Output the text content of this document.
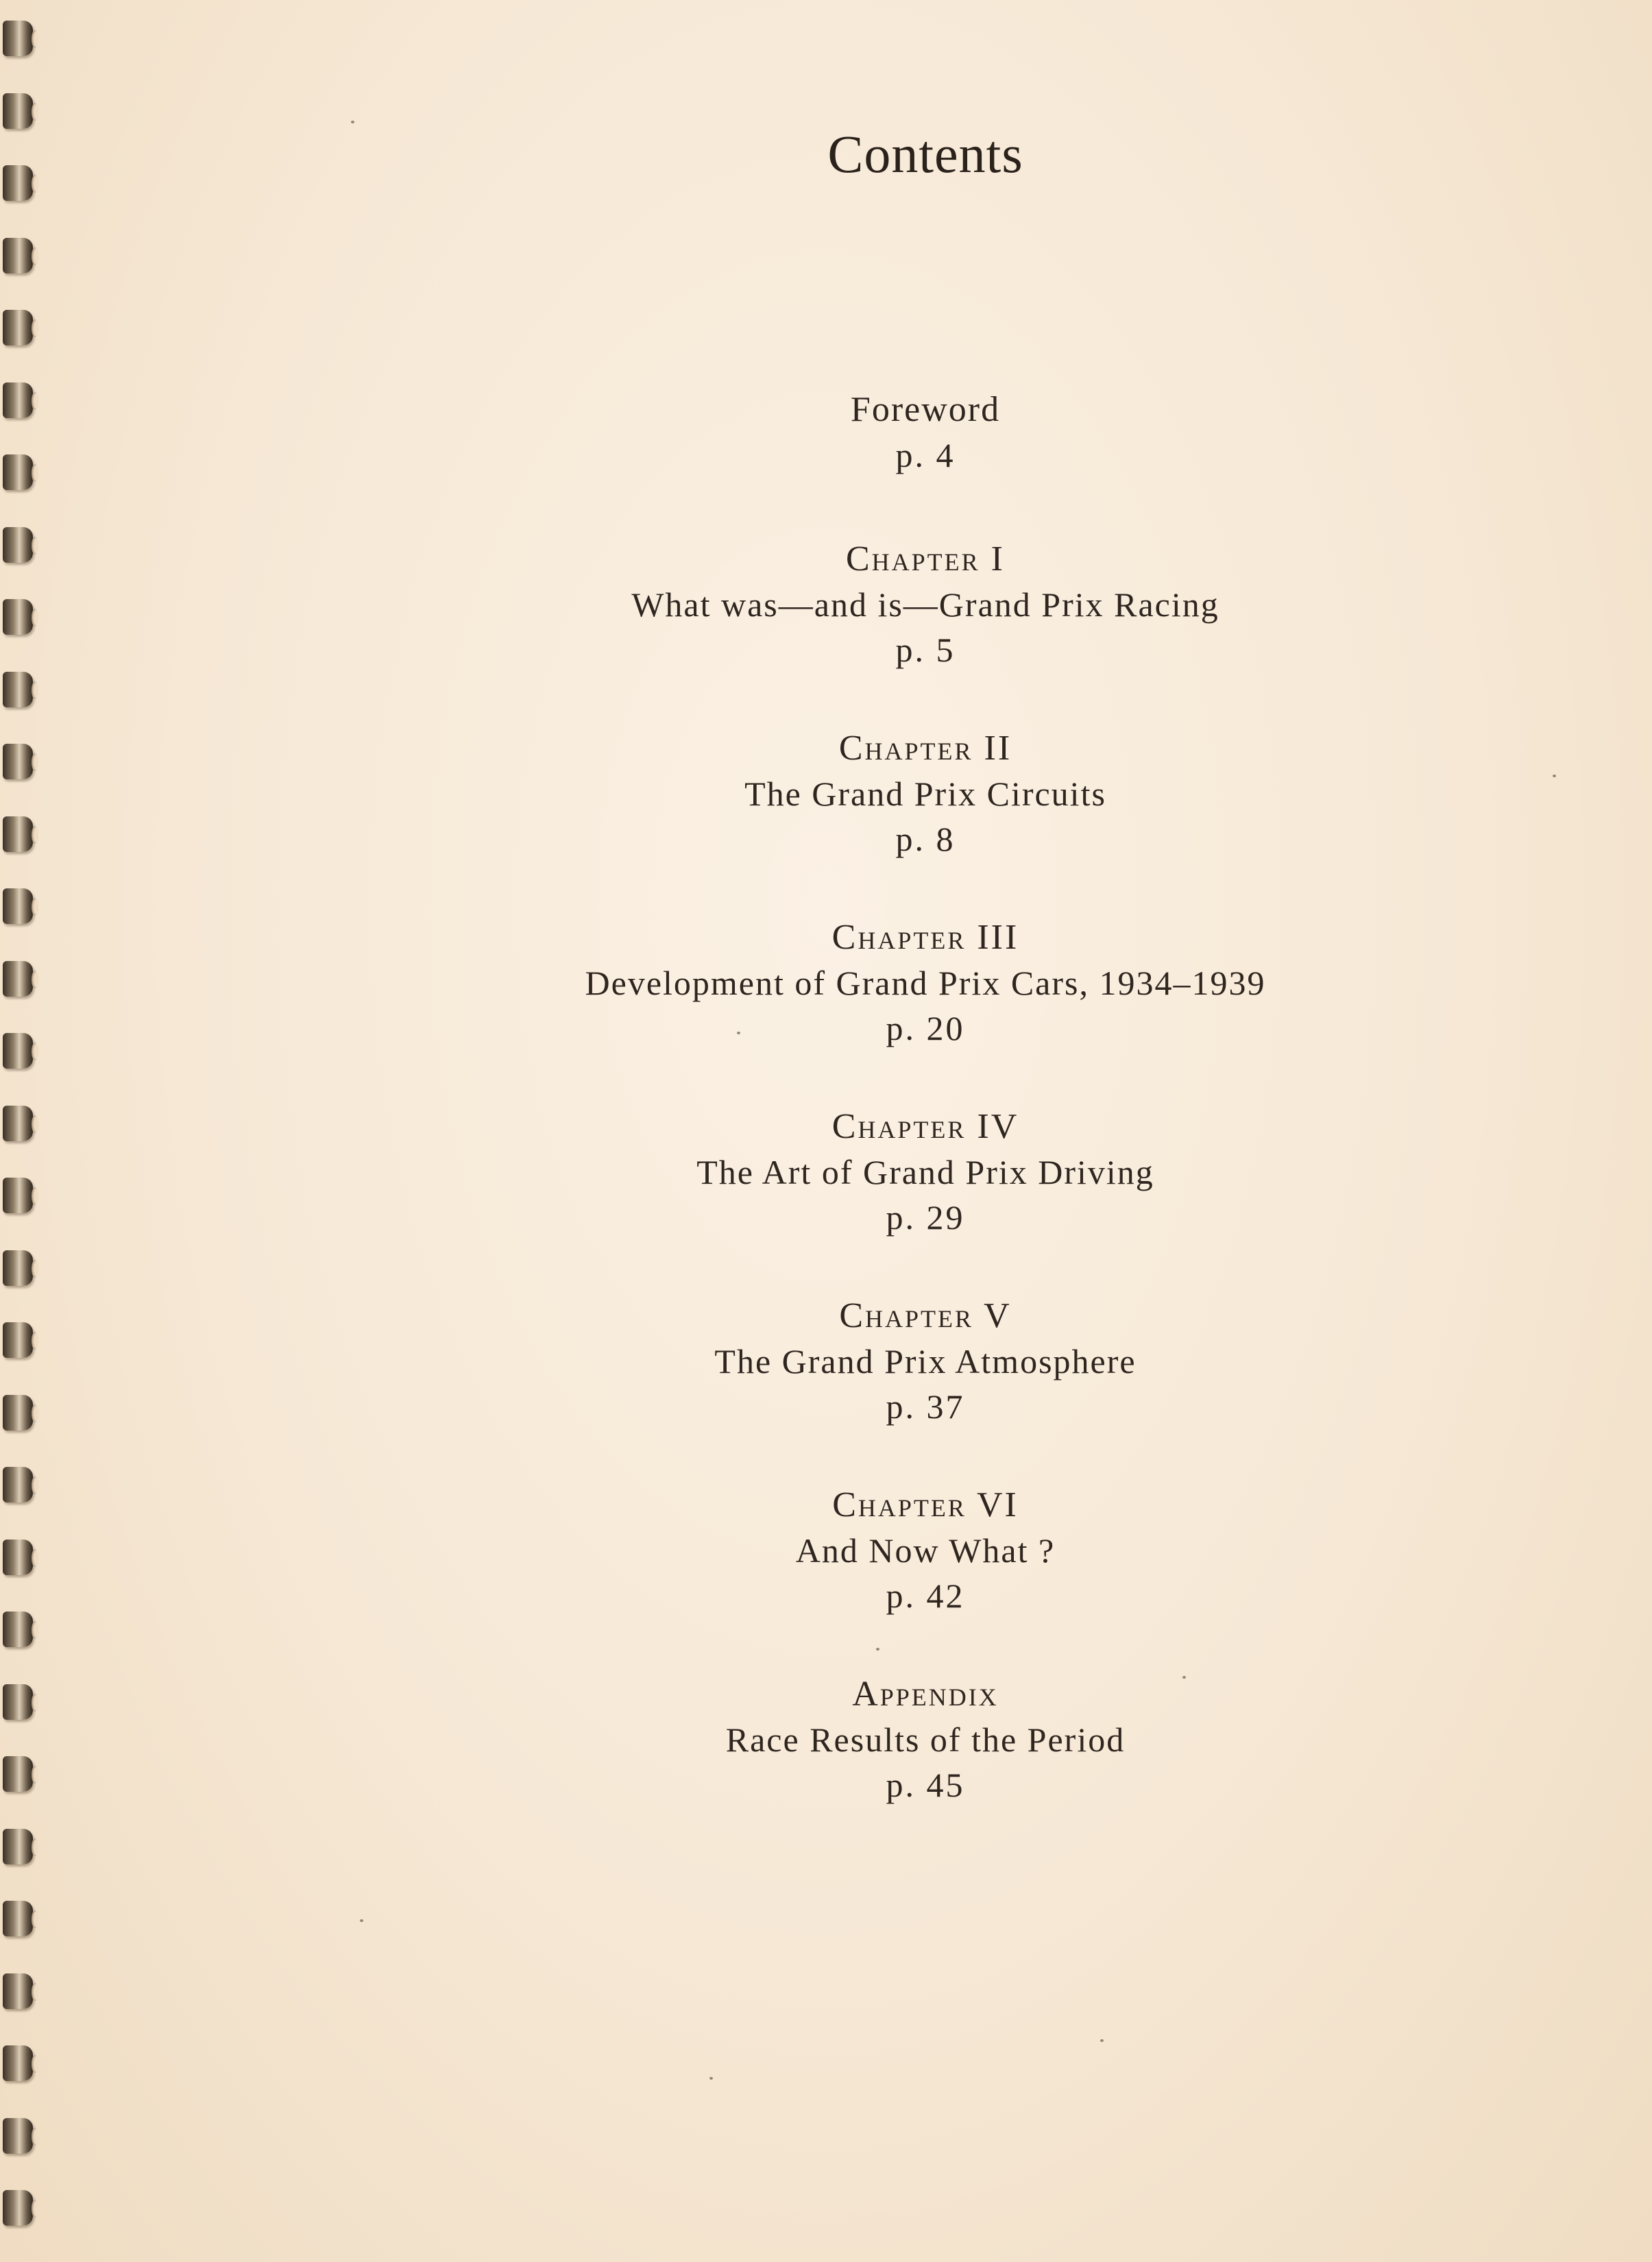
Contents
Foreword
p. 4
Chapter I
What was—and is—Grand Prix Racing
p. 5
Chapter II
The Grand Prix Circuits
p. 8
Chapter III
Development of Grand Prix Cars, 1934–1939
p. 20
Chapter IV
The Art of Grand Prix Driving
p. 29
Chapter V
The Grand Prix Atmosphere
p. 37
Chapter VI
And Now What ?
p. 42
Appendix
Race Results of the Period
p. 45
